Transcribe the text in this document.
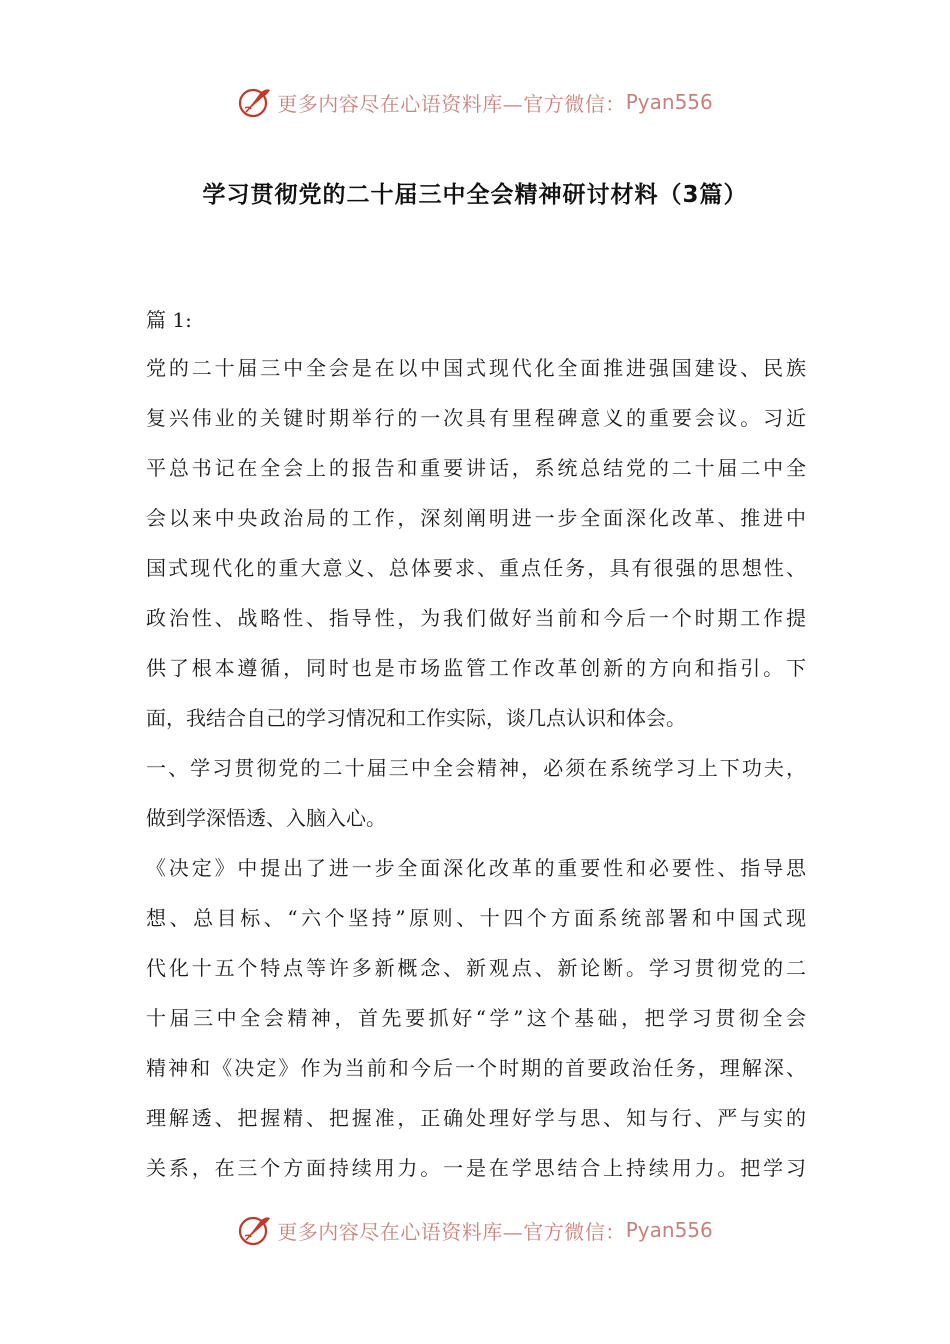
更多内容尽在心语资料库—官方微信： Pyan556
学习贯彻党的二十届三中全会精神研讨材料（3篇）

篇 1:

党的二十届三中全会是在以中国式现代化全面推进强国建设、民族

复兴伟业的关键时期举行的一次具有里程碑意义的重要会议。习近

平总书记在全会上的报告和重要讲话，系统总结党的二十届二中全

会以来中央政治局的工作，深刻阐明进一步全面深化改革、推进中

国式现代化的重大意义、总体要求、重点任务，具有很强的思想性、

政治性、战略性、指导性，为我们做好当前和今后一个时期工作提

供了根本遵循，同时也是市场监管工作改革创新的方向和指引。下

面，我结合自己的学习情况和工作实际，谈几点认识和体会。

一、学习贯彻党的二十届三中全会精神，必须在系统学习上下功夫，

做到学深悟透、入脑入心。

《决定》中提出了进一步全面深化改革的重要性和必要性、指导思

想、总目标、“六个坚持”原则、十四个方面系统部署和中国式现

代化十五个特点等许多新概念、新观点、新论断。学习贯彻党的二

十届三中全会精神，首先要抓好“学”这个基础，把学习贯彻全会

精神和《决定》作为当前和今后一个时期的首要政治任务，理解深、

理解透、把握精、把握准，正确处理好学与思、知与行、严与实的

关系，在三个方面持续用力。一是在学思结合上持续用力。把学习

更多内容尽在心语资料库—官方微信： Pyan556
